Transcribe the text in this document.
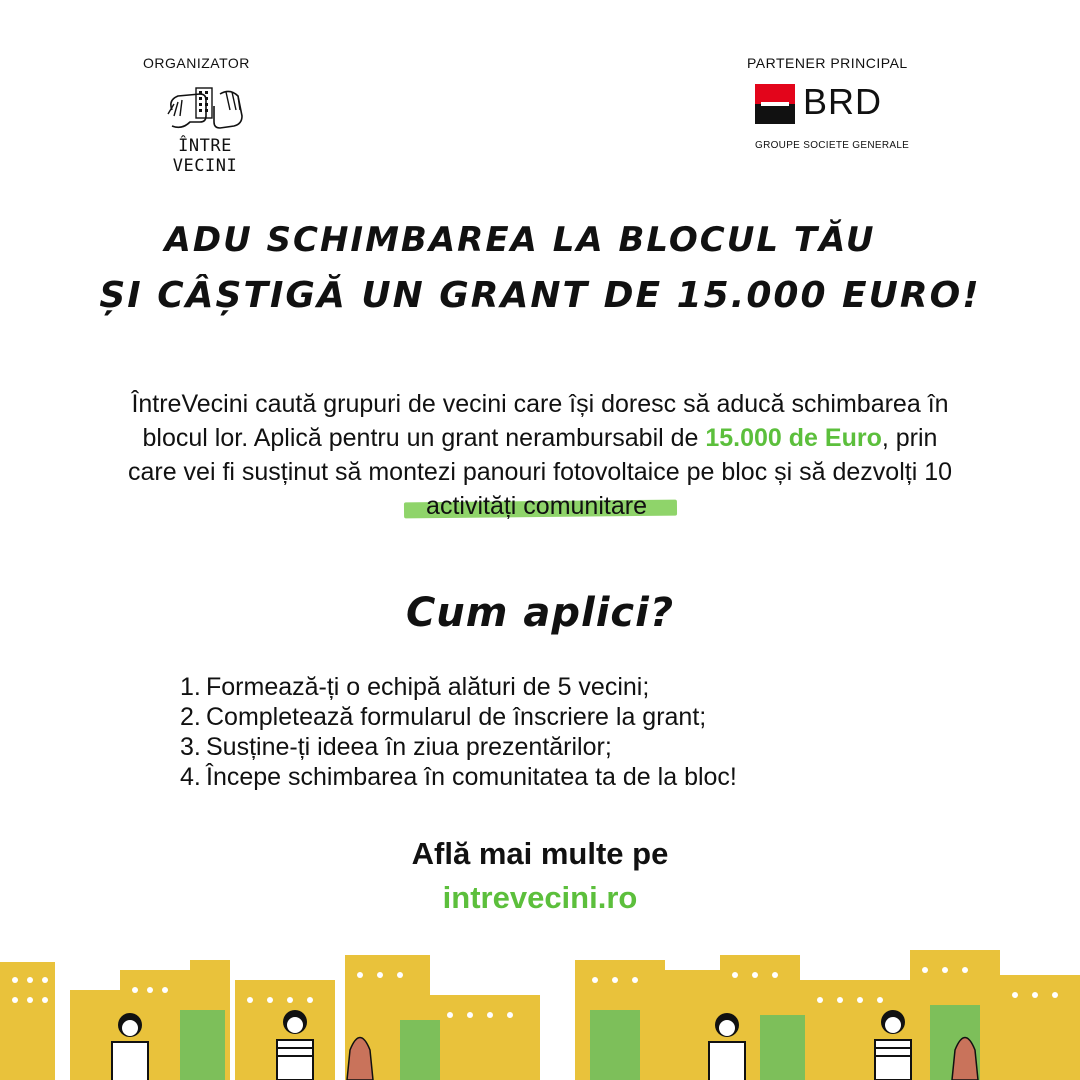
ORGANIZATOR
ÎNTRE VECINI
PARTENER PRINCIPAL
BRD
GROUPE SOCIETE GENERALE
ADU SCHIMBAREA LA BLOCUL TĂU
ȘI CÂȘTIGĂ UN GRANT DE 15.000 EURO!
ÎntreVecini caută grupuri de vecini care își doresc să aducă schimbarea în blocul lor. Aplică pentru un grant nerambursabil de 15.000 de Euro, prin care vei fi susținut să montezi panouri fotovoltaice pe bloc și să dezvolți 10 activități comunitare.
Cum aplici?
1. Formează-ți o echipă alături de 5 vecini;
2. Completează formularul de înscriere la grant;
3. Susține-ți ideea în ziua prezentărilor;
4. Începe schimbarea în comunitatea ta de la bloc!
Află mai multe pe
intrevecini.ro
